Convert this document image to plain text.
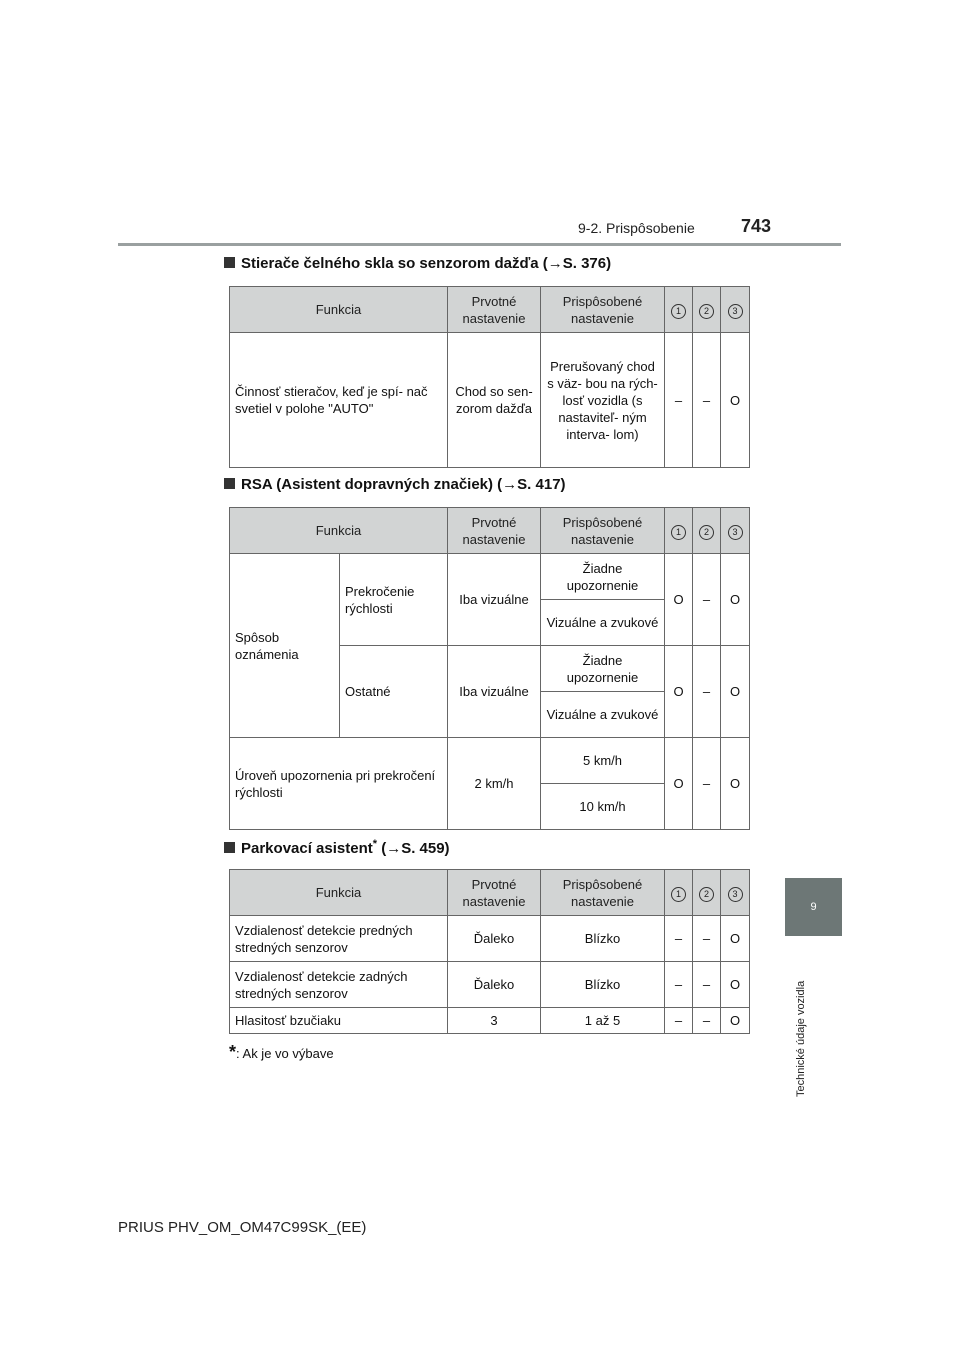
9-2. Prispôsobenie	743
9
Technické údaje vozidla
Stierače čelného skla so senzorom dažďa (→S. 376)
Funkcia	Prvotné nastavenie	Prispôsobené nastavenie	1	2	3
Činnosť stieračov, keď je spí- nač svetiel v polohe "AUTO"	Chod so sen- zorom dažďa	Prerušovaný chod s väz- bou na rých- losť vozidla (s nastaviteľ- ným interva- lom)	–	–	O
RSA (Asistent dopravných značiek) (→S. 417)
Funkcia		Prvotné nastavenie	Prispôsobené nastavenie	1	2	3
Spôsob oznámenia	Prekročenie rýchlosti	Iba vizuálne	Žiadne upozornenie	O	–	O
			Vizuálne a zvukové			
	Ostatné	Iba vizuálne	Žiadne upozornenie	O	–	O
			Vizuálne a zvukové			
Úroveň upozornenia pri prekročení rýchlosti		2 km/h	5 km/h	O	–	O
			10 km/h			
Parkovací asistent* (→S. 459)
Funkcia	Prvotné nastavenie	Prispôsobené nastavenie	1	2	3
Vzdialenosť detekcie predných stredných senzorov	Ďaleko	Blízko	–	–	O
Vzdialenosť detekcie zadných stredných senzorov	Ďaleko	Blízko	–	–	O
Hlasitosť bzučiaku	3	1 až 5	–	–	O
*: Ak je vo výbave
PRIUS PHV_OM_OM47C99SK_(EE)
